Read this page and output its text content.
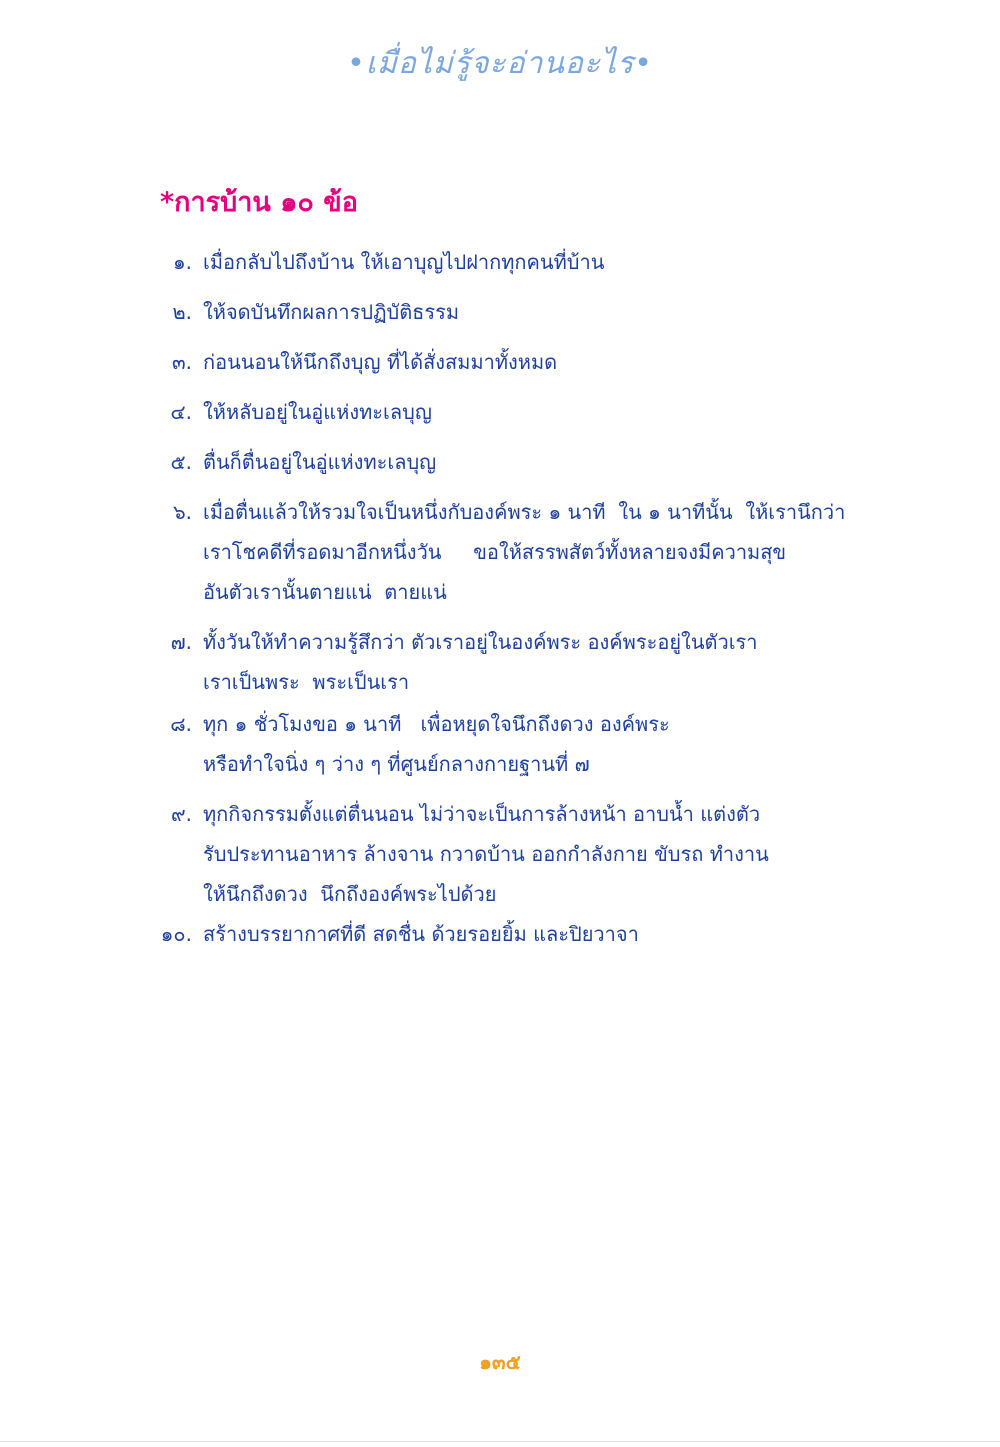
•เมื่อไม่รู้จะอ่านอะไร•
*การบ้าน ๑๐ ข้อ
๑. เมื่อกลับไปถึงบ้าน ให้เอาบุญไปฝากทุกคนที่บ้าน
๒. ให้จดบันทึกผลการปฏิบัติธรรม
๓. ก่อนนอนให้นึกถึงบุญ ที่ได้สั่งสมมาทั้งหมด
๔. ให้หลับอยู่ในอู่แห่งทะเลบุญ
๕. ตื่นก็ตื่นอยู่ในอู่แห่งทะเลบุญ
๖. เมื่อตื่นแล้วให้รวมใจเป็นหนึ่งกับองค์พระ ๑ นาที  ใน ๑ นาทีนั้น  ให้เรานึกว่า
เราโชคดีที่รอดมาอีกหนึ่งวัน     ขอให้สรรพสัตว์ทั้งหลายจงมีความสุข
อันตัวเรานั้นตายแน่  ตายแน่
๗. ทั้งวันให้ทำความรู้สึกว่า ตัวเราอยู่ในองค์พระ องค์พระอยู่ในตัวเรา
เราเป็นพระ  พระเป็นเรา
๘. ทุก ๑ ชั่วโมงขอ ๑ นาที   เพื่อหยุดใจนึกถึงดวง องค์พระ
หรือทำใจนิ่ง ๆ ว่าง ๆ ที่ศูนย์กลางกายฐานที่ ๗
๙. ทุกกิจกรรมตั้งแต่ตื่นนอน ไม่ว่าจะเป็นการล้างหน้า อาบน้ำ แต่งตัว
รับประทานอาหาร ล้างจาน กวาดบ้าน ออกกำลังกาย ขับรถ ทำงาน
ให้นึกถึงดวง  นึกถึงองค์พระไปด้วย
๑๐. สร้างบรรยากาศที่ดี สดชื่น ด้วยรอยยิ้ม และปิยวาจา
๑๓๕
